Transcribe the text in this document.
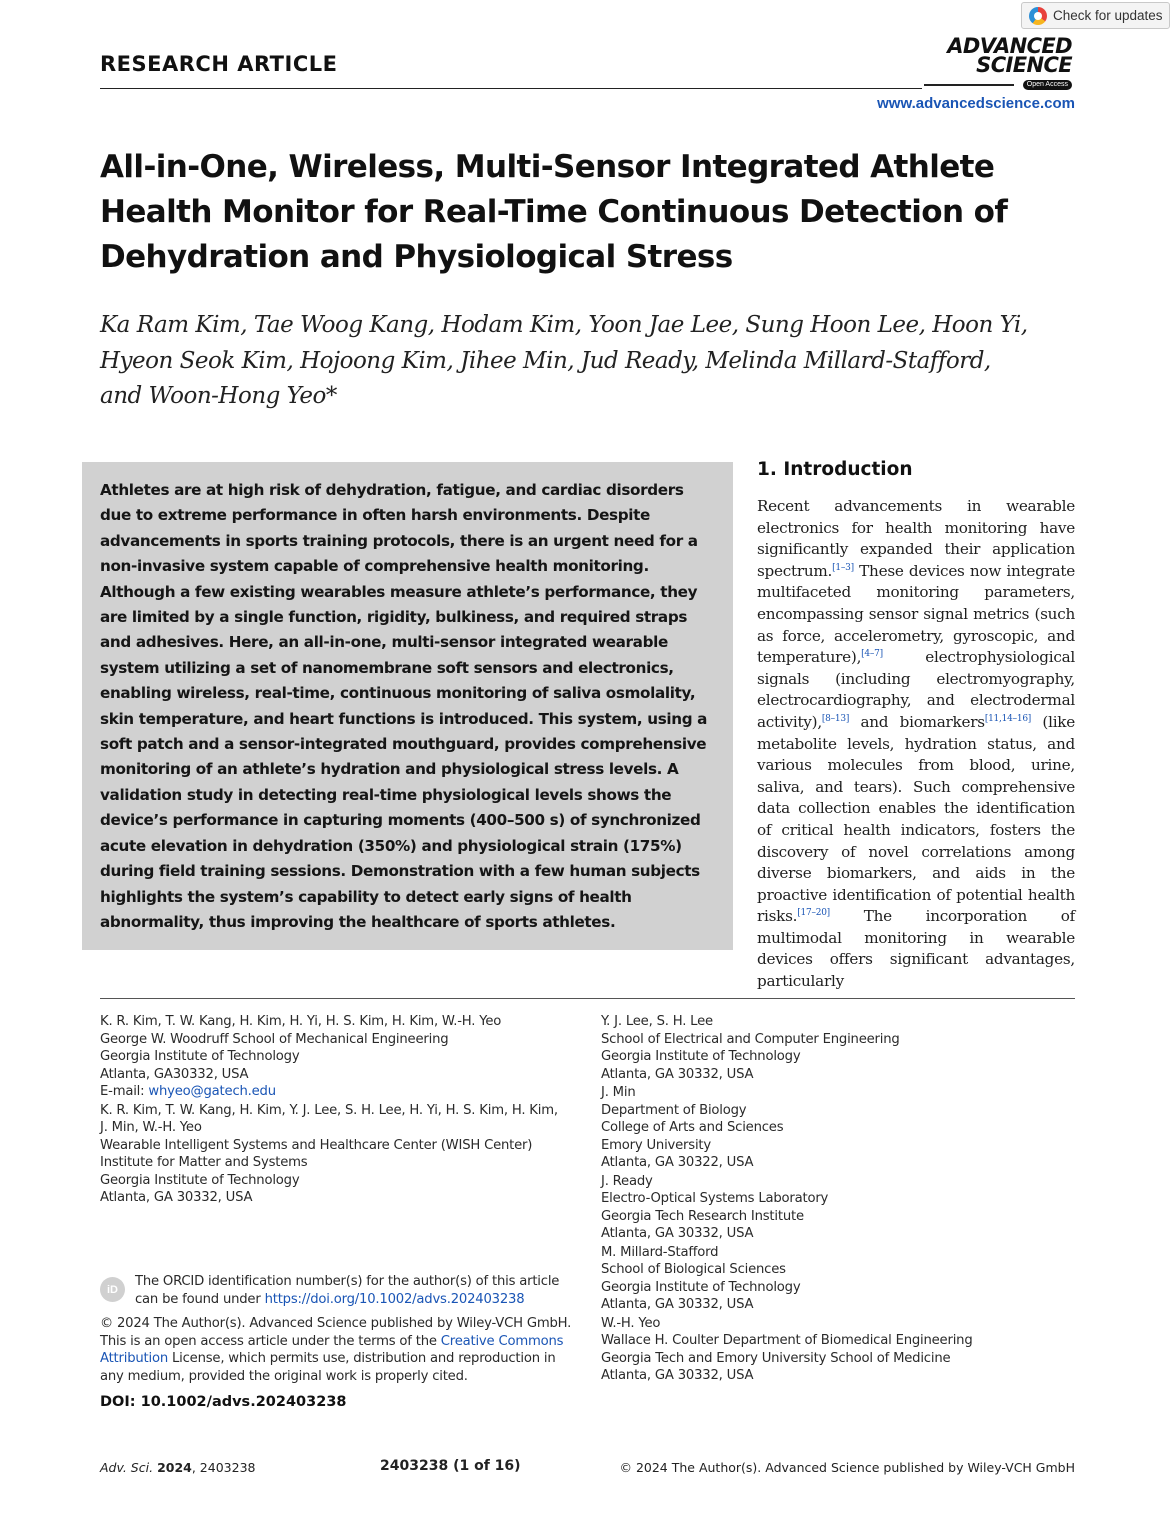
Check for updates
RESEARCH ARTICLE
ADVANCED
SCIENCE
Open Access
www.advancedscience.com
All-in-One, Wireless, Multi-Sensor Integrated Athlete Health Monitor for Real-Time Continuous Detection of Dehydration and Physiological Stress
Ka Ram Kim, Tae Woog Kang, Hodam Kim, Yoon Jae Lee, Sung Hoon Lee, Hoon Yi,
Hyeon Seok Kim, Hojoong Kim, Jihee Min, Jud Ready, Melinda Millard-Stafford,
and Woon-Hong Yeo*

Athletes are at high risk of dehydration, fatigue, and cardiac disorders due to extreme performance in often harsh environments. Despite advancements in sports training protocols, there is an urgent need for a non-invasive system capable of comprehensive health monitoring. Although a few existing wearables measure athlete’s performance, they are limited by a single function, rigidity, bulkiness, and required straps and adhesives. Here, an all-in-one, multi-sensor integrated wearable system utilizing a set of nanomembrane soft sensors and electronics, enabling wireless, real-time, continuous monitoring of saliva osmolality, skin temperature, and heart functions is introduced. This system, using a soft patch and a sensor-integrated mouthguard, provides comprehensive monitoring of an athlete’s hydration and physiological stress levels. A validation study in detecting real-time physiological levels shows the device’s performance in capturing moments (400–500 s) of synchronized acute elevation in dehydration (350%) and physiological strain (175%) during field training sessions. Demonstration with a few human subjects highlights the system’s capability to detect early signs of health abnormality, thus improving the healthcare of sports athletes.

1. Introduction

Recent advancements in wearable electronics for health monitoring have significantly expanded their application spectrum.[1–3] These devices now integrate multifaceted monitoring parameters, encompassing sensor signal metrics (such as force, accelerometry, gyroscopic, and temperature),[4–7] electrophysiological signals (including electromyography, electrocardiography, and electrodermal activity),[8–13] and biomarkers[11,14–16] (like metabolite levels, hydration status, and various molecules from blood, urine, saliva, and tears). Such comprehensive data collection enables the identification of critical health indicators, fosters the discovery of novel correlations among diverse biomarkers, and aids in the proactive identification of potential health risks.[17–20] The incorporation of multimodal monitoring in wearable devices offers significant advantages, particularly

K. R. Kim, T. W. Kang, H. Kim, H. Yi, H. S. Kim, H. Kim, W.-H. Yeo
George W. Woodruff School of Mechanical Engineering
Georgia Institute of Technology
Atlanta, GA30332, USA
E-mail: whyeo@gatech.edu
K. R. Kim, T. W. Kang, H. Kim, Y. J. Lee, S. H. Lee, H. Yi, H. S. Kim, H. Kim,
J. Min, W.-H. Yeo
Wearable Intelligent Systems and Healthcare Center (WISH Center)
Institute for Matter and Systems
Georgia Institute of Technology
Atlanta, GA 30332, USA
Y. J. Lee, S. H. Lee
School of Electrical and Computer Engineering
Georgia Institute of Technology
Atlanta, GA 30332, USA
J. Min
Department of Biology
College of Arts and Sciences
Emory University
Atlanta, GA 30322, USA
J. Ready
Electro-Optical Systems Laboratory
Georgia Tech Research Institute
Atlanta, GA 30332, USA
M. Millard-Stafford
School of Biological Sciences
Georgia Institute of Technology
Atlanta, GA 30332, USA
W.-H. Yeo
Wallace H. Coulter Department of Biomedical Engineering
Georgia Tech and Emory University School of Medicine
Atlanta, GA 30332, USA
iD
The ORCID identification number(s) for the author(s) of this article can be found under https://doi.org/10.1002/advs.202403238
© 2024 The Author(s). Advanced Science published by Wiley-VCH GmbH. This is an open access article under the terms of the Creative Commons Attribution License, which permits use, distribution and reproduction in any medium, provided the original work is properly cited.
DOI: 10.1002/advs.202403238
Adv. Sci. 2024, 2403238	2403238 (1 of 16)	© 2024 The Author(s). Advanced Science published by Wiley-VCH GmbH
